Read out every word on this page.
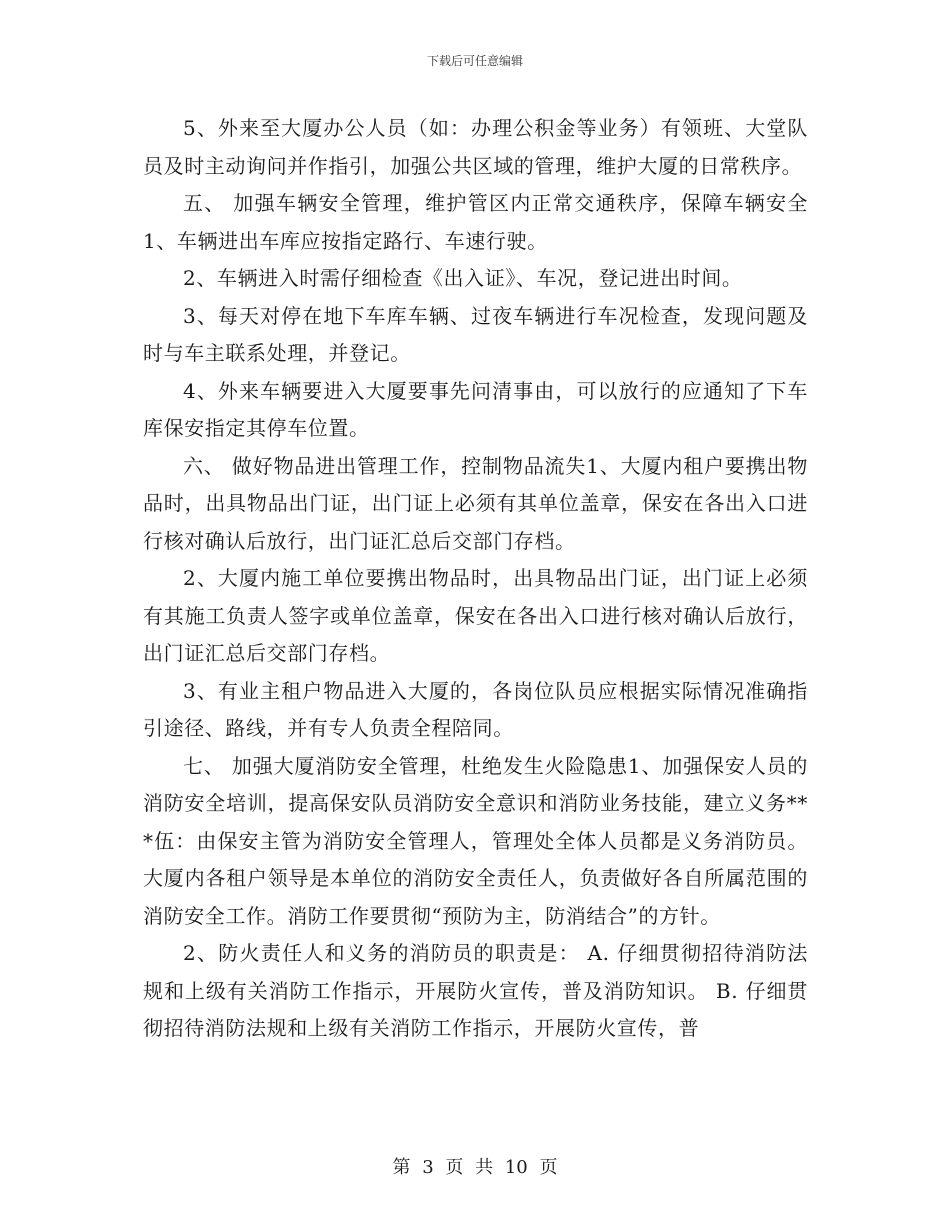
下载后可任意编辑

5、外来至大厦办公人员（如：办理公积金等业务）有领班、大堂队员及时主动询问并作指引，加强公共区域的管理，维护大厦的日常秩序。

五、 加强车辆安全管理，维护管区内正常交通秩序，保障车辆安全1、车辆进出车库应按指定路行、车速行驶。

2、车辆进入时需仔细检查《出入证》、车况，登记进出时间。

3、每天对停在地下车库车辆、过夜车辆进行车况检查，发现问题及时与车主联系处理，并登记。

4、外来车辆要进入大厦要事先问清事由，可以放行的应通知了下车库保安指定其停车位置。

六、 做好物品进出管理工作，控制物品流失1、大厦内租户要携出物品时，出具物品出门证，出门证上必须有其单位盖章，保安在各出入口进行核对确认后放行，出门证汇总后交部门存档。

2、大厦内施工单位要携出物品时，出具物品出门证，出门证上必须有其施工负责人签字或单位盖章，保安在各出入口进行核对确认后放行，出门证汇总后交部门存档。

3、有业主租户物品进入大厦的，各岗位队员应根据实际情况准确指引途径、路线，并有专人负责全程陪同。

七、 加强大厦消防安全管理，杜绝发生火险隐患1、加强保安人员的消防安全培训，提高保安队员消防安全意识和消防业务技能，建立义务***伍：由保安主管为消防安全管理人，管理处全体人员都是义务消防员。大厦内各租户领导是本单位的消防安全责任人，负责做好各自所属范围的消防安全工作。消防工作要贯彻“预防为主，防消结合”的方针。

2、防火责任人和义务的消防员的职责是： A. 仔细贯彻招待消防法规和上级有关消防工作指示，开展防火宣传，普及消防知识。 B. 仔细贯彻招待消防法规和上级有关消防工作指示，开展防火宣传，普

第 3 页 共 10 页
